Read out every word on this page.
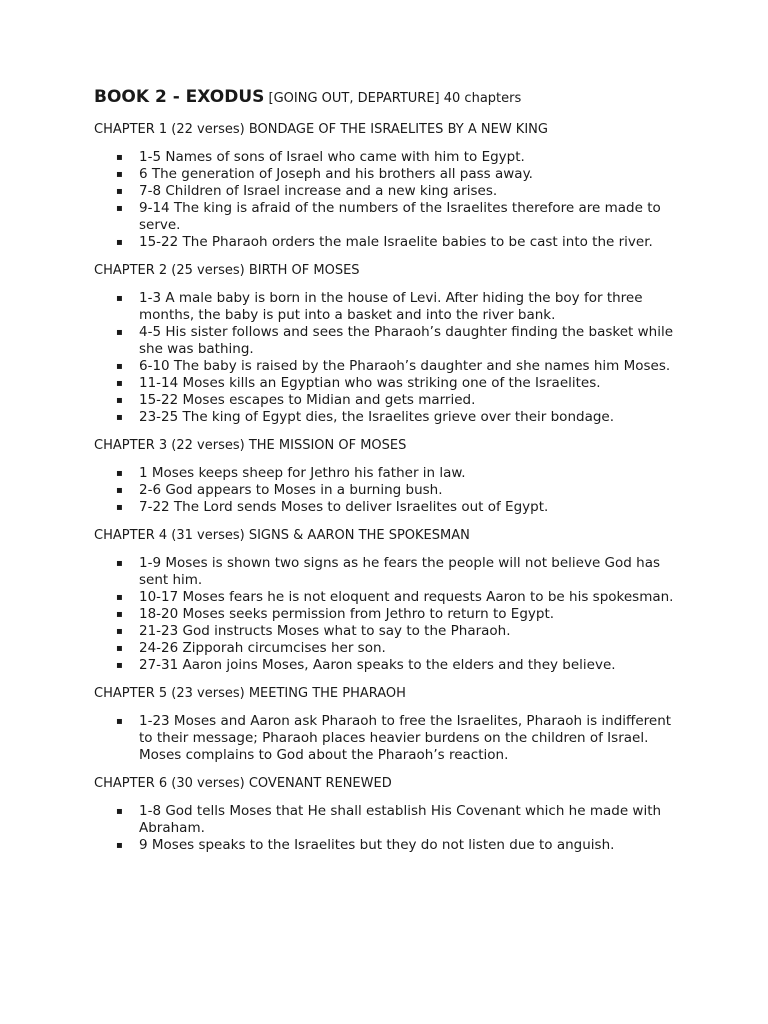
BOOK 2 - EXODUS [GOING OUT, DEPARTURE] 40 chapters
CHAPTER 1 (22 verses) BONDAGE OF THE ISRAELITES BY A NEW KING
▪ 1-5 Names of sons of Israel who came with him to Egypt.
▪ 6 The generation of Joseph and his brothers all pass away.
▪ 7-8 Children of Israel increase and a new king arises.
▪ 9-14 The king is afraid of the numbers of the Israelites therefore are made to serve.
▪ 15-22 The Pharaoh orders the male Israelite babies to be cast into the river.
CHAPTER 2 (25 verses) BIRTH OF MOSES
▪ 1-3 A male baby is born in the house of Levi. After hiding the boy for three months, the baby is put into a basket and into the river bank.
▪ 4-5 His sister follows and sees the Pharaoh’s daughter finding the basket while she was bathing.
▪ 6-10 The baby is raised by the Pharaoh’s daughter and she names him Moses.
▪ 11-14 Moses kills an Egyptian who was striking one of the Israelites.
▪ 15-22 Moses escapes to Midian and gets married.
▪ 23-25 The king of Egypt dies, the Israelites grieve over their bondage.
CHAPTER 3 (22 verses) THE MISSION OF MOSES
▪ 1 Moses keeps sheep for Jethro his father in law.
▪ 2-6 God appears to Moses in a burning bush.
▪ 7-22 The Lord sends Moses to deliver Israelites out of Egypt.
CHAPTER 4 (31 verses) SIGNS & AARON THE SPOKESMAN
▪ 1-9 Moses is shown two signs as he fears the people will not believe God has sent him.
▪ 10-17 Moses fears he is not eloquent and requests Aaron to be his spokesman.
▪ 18-20 Moses seeks permission from Jethro to return to Egypt.
▪ 21-23 God instructs Moses what to say to the Pharaoh.
▪ 24-26 Zipporah circumcises her son.
▪ 27-31 Aaron joins Moses, Aaron speaks to the elders and they believe.
CHAPTER 5 (23 verses) MEETING THE PHARAOH
▪ 1-23 Moses and Aaron ask Pharaoh to free the Israelites, Pharaoh is indifferent to their message; Pharaoh places heavier burdens on the children of Israel. Moses complains to God about the Pharaoh’s reaction.
CHAPTER 6 (30 verses) COVENANT RENEWED
▪ 1-8 God tells Moses that He shall establish His Covenant which he made with Abraham.
▪ 9 Moses speaks to the Israelites but they do not listen due to anguish.
